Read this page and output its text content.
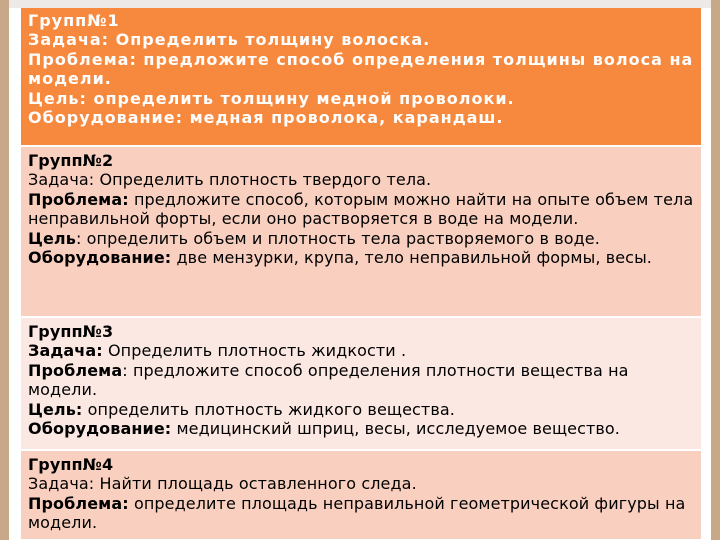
Групп№1
Задача: Определить толщину волоска.
Проблема: предложите способ определения толщины волоса на модели.
Цель: определить толщину медной проволоки.
Оборудование: медная проволока, карандаш.
Групп№2
Задача: Определить плотность твердого тела.
Проблема: предложите способ, которым можно найти на опыте объем тела неправильной форты, если оно растворяется в воде на модели.
Цель: определить объем и плотность тела растворяемого в воде.
Оборудование: две мензурки, крупа, тело неправильной формы, весы.
Групп№3
Задача: Определить плотность жидкости .
Проблема: предложите способ определения плотности вещества на модели.
Цель: определить плотность жидкого вещества.
Оборудование: медицинский шприц, весы, исследуемое вещество.
Групп№4
Задача: Найти площадь оставленного следа.
Проблема: определите площадь неправильной геометрической фигуры на модели.
